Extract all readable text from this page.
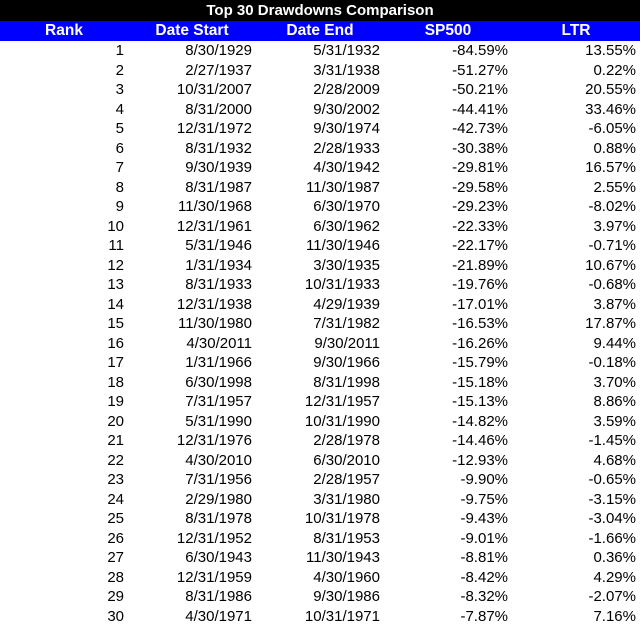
Top 30 Drawdowns Comparison
Rank	Date Start	Date End	SP500	LTR
1	8/30/1929	5/31/1932	-84.59%	13.55%
2	2/27/1937	3/31/1938	-51.27%	0.22%
3	10/31/2007	2/28/2009	-50.21%	20.55%
4	8/31/2000	9/30/2002	-44.41%	33.46%
5	12/31/1972	9/30/1974	-42.73%	-6.05%
6	8/31/1932	2/28/1933	-30.38%	0.88%
7	9/30/1939	4/30/1942	-29.81%	16.57%
8	8/31/1987	11/30/1987	-29.58%	2.55%
9	11/30/1968	6/30/1970	-29.23%	-8.02%
10	12/31/1961	6/30/1962	-22.33%	3.97%
11	5/31/1946	11/30/1946	-22.17%	-0.71%
12	1/31/1934	3/30/1935	-21.89%	10.67%
13	8/31/1933	10/31/1933	-19.76%	-0.68%
14	12/31/1938	4/29/1939	-17.01%	3.87%
15	11/30/1980	7/31/1982	-16.53%	17.87%
16	4/30/2011	9/30/2011	-16.26%	9.44%
17	1/31/1966	9/30/1966	-15.79%	-0.18%
18	6/30/1998	8/31/1998	-15.18%	3.70%
19	7/31/1957	12/31/1957	-15.13%	8.86%
20	5/31/1990	10/31/1990	-14.82%	3.59%
21	12/31/1976	2/28/1978	-14.46%	-1.45%
22	4/30/2010	6/30/2010	-12.93%	4.68%
23	7/31/1956	2/28/1957	-9.90%	-0.65%
24	2/29/1980	3/31/1980	-9.75%	-3.15%
25	8/31/1978	10/31/1978	-9.43%	-3.04%
26	12/31/1952	8/31/1953	-9.01%	-1.66%
27	6/30/1943	11/30/1943	-8.81%	0.36%
28	12/31/1959	4/30/1960	-8.42%	4.29%
29	8/31/1986	9/30/1986	-8.32%	-2.07%
30	4/30/1971	10/31/1971	-7.87%	7.16%
